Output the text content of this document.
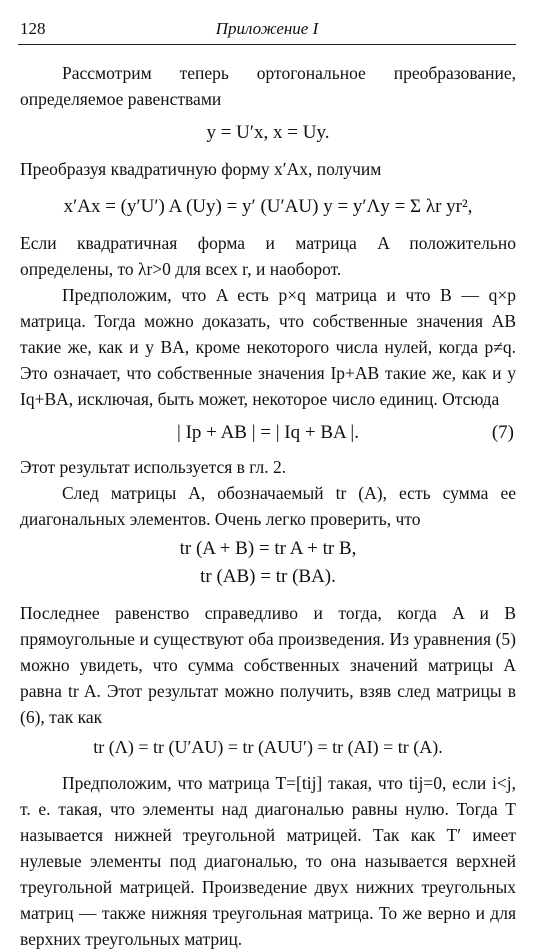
128	Приложение I

Рассмотрим теперь ортогональное преобразование, определяемое равенствами

y = U′x, x = Uy.

Преобразуя квадратичную форму x′Ax, получим

x′Ax = (y′U′) A (Uy) = y′ (U′AU) y = y′Λy = Σ λr yr²,

Если квадратичная форма и матрица A положительно определены, то λr>0 для всех r, и наоборот.

Предположим, что A есть p×q матрица и что B — q×p матрица. Тогда можно доказать, что собственные значения AB такие же, как и у BA, кроме некоторого числа нулей, когда p≠q. Это означает, что собственные значения Ip+AB такие же, как и у Iq+BA, исключая, быть может, некоторое число единиц. Отсюда

| Ip + AB | = | Iq + BA |.	(7)

Этот результат используется в гл. 2.

След матрицы A, обозначаемый tr (A), есть сумма ее диагональных элементов. Очень легко проверить, что

tr (A + B) = tr A + tr B,
tr (AB) = tr (BA).

Последнее равенство справедливо и тогда, когда A и B прямоугольные и существуют оба произведения. Из уравнения (5) можно увидеть, что сумма собственных значений матрицы A равна tr A. Этот результат можно получить, взяв след матрицы в (6), так как

tr (Λ) = tr (U′AU) = tr (AUU′) = tr (AI) = tr (A).

Предположим, что матрица T=[tij] такая, что tij=0, если i<j, т. е. такая, что элементы над диагональю равны нулю. Тогда T называется нижней треугольной матрицей. Так как T′ имеет нулевые элементы под диагональю, то она называется верхней треугольной матрицей. Произведение двух нижних треугольных матриц — также нижняя треугольная матрица. То же верно и для верхних треугольных матриц.
